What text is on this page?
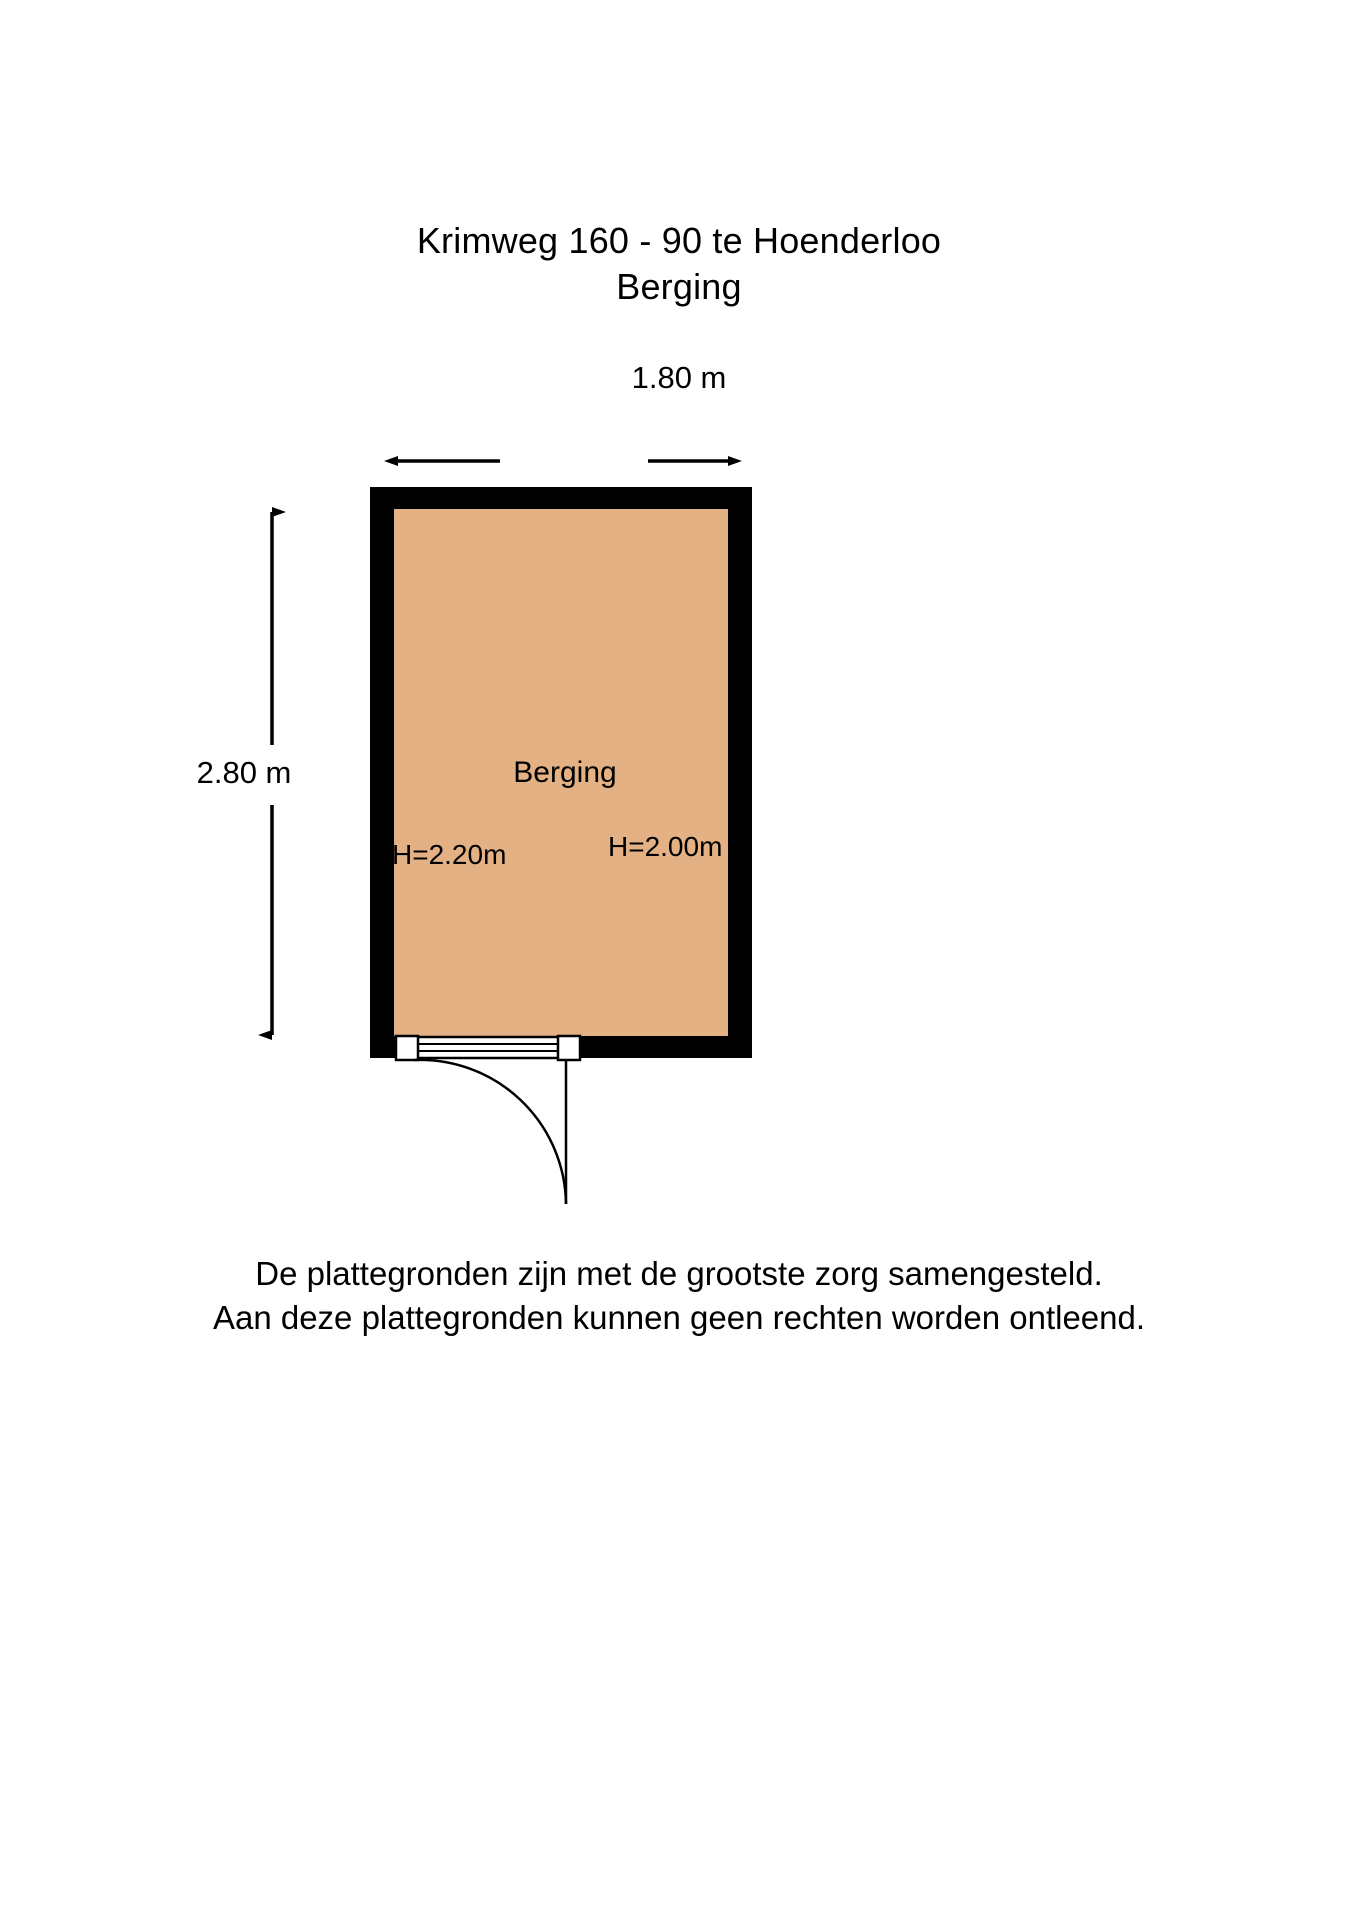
Krimweg 160 - 90 te Hoenderloo
Berging
1.80 m
2.80 m	Berging
H=2.20m	H=2.00m
De plattegronden zijn met de grootste zorg samengesteld.
Aan deze plattegronden kunnen geen rechten worden ontleend.
